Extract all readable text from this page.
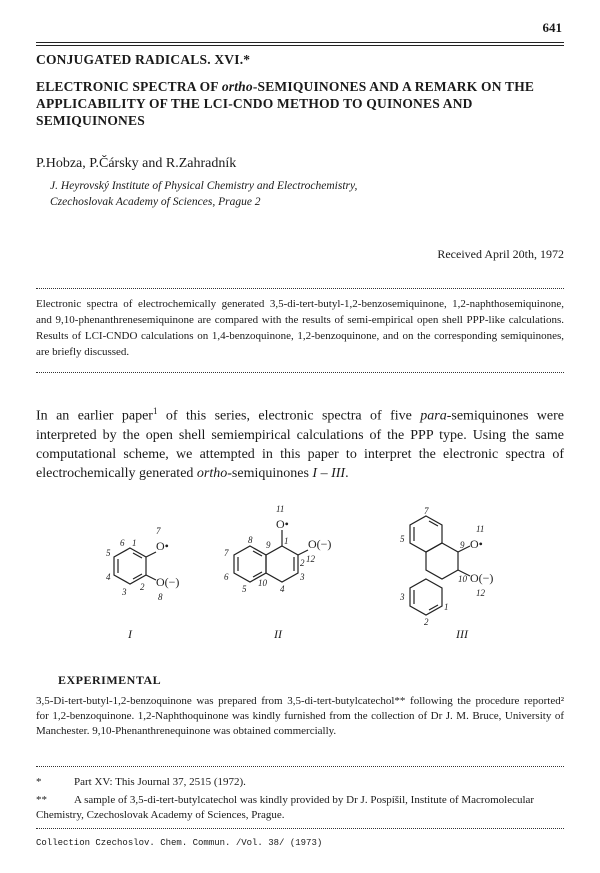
641
CONJUGATED RADICALS. XVI.*
ELECTRONIC SPECTRA OF ortho-SEMIQUINONES AND A REMARK ON THE APPLICABILITY OF THE LCI-CNDO METHOD TO QUINONES AND SEMIQUINONES
P.Hobza, P.Čársky and R.Zahradník
J. Heyrovský Institute of Physical Chemistry and Electrochemistry,
Czechoslovak Academy of Sciences, Prague 2
Received April 20th, 1972
Electronic spectra of electrochemically generated 3,5-di-tert-butyl-1,2-benzosemiquinone, 1,2-naphthosemiquinone, and 9,10-phenanthrenesemiquinone are compared with the results of semi-empirical open shell PPP-like calculations. Results of LCI-CNDO calculations on 1,4-benzoquinone, 1,2-benzoquinone, and on the corresponding semiquinones, are briefly discussed.
In an earlier paper$^1$ of this series, electronic spectra of five para-semiquinones were interpreted by the open shell semiempirical calculations of the PPP type. Using the same computational scheme, we attempted in this paper to interpret the electronic spectra of electrochemically generated ortho-semiquinones I – III.
1
2
3
4
5
6
7
8
O•
O(−)
I
1
2
3
4
5
6
7
8 9
10
11
12
O•
O(−)
II
1
2
3
5
7
9
10
11
12
O•
O(−)
III
EXPERIMENTAL
3,5-Di-tert-butyl-1,2-benzoquinone was prepared from 3,5-di-tert-butylcatechol** following the procedure reported² for 1,2-benzoquinone. 1,2-Naphthoquinone was kindly furnished from the collection of Dr J. M. Bruce, University of Manchester. 9,10-Phenanthrenequinone was obtained commercially.
*	Part XV: This Journal 37, 2515 (1972).
** A sample of 3,5-di-tert-butylcatechol was kindly provided by Dr J. Pospíšil, Institute of Macromolecular Chemistry, Czechoslovak Academy of Sciences, Prague.
Collection Czechoslov. Chem. Commun. /Vol. 38/ (1973)
